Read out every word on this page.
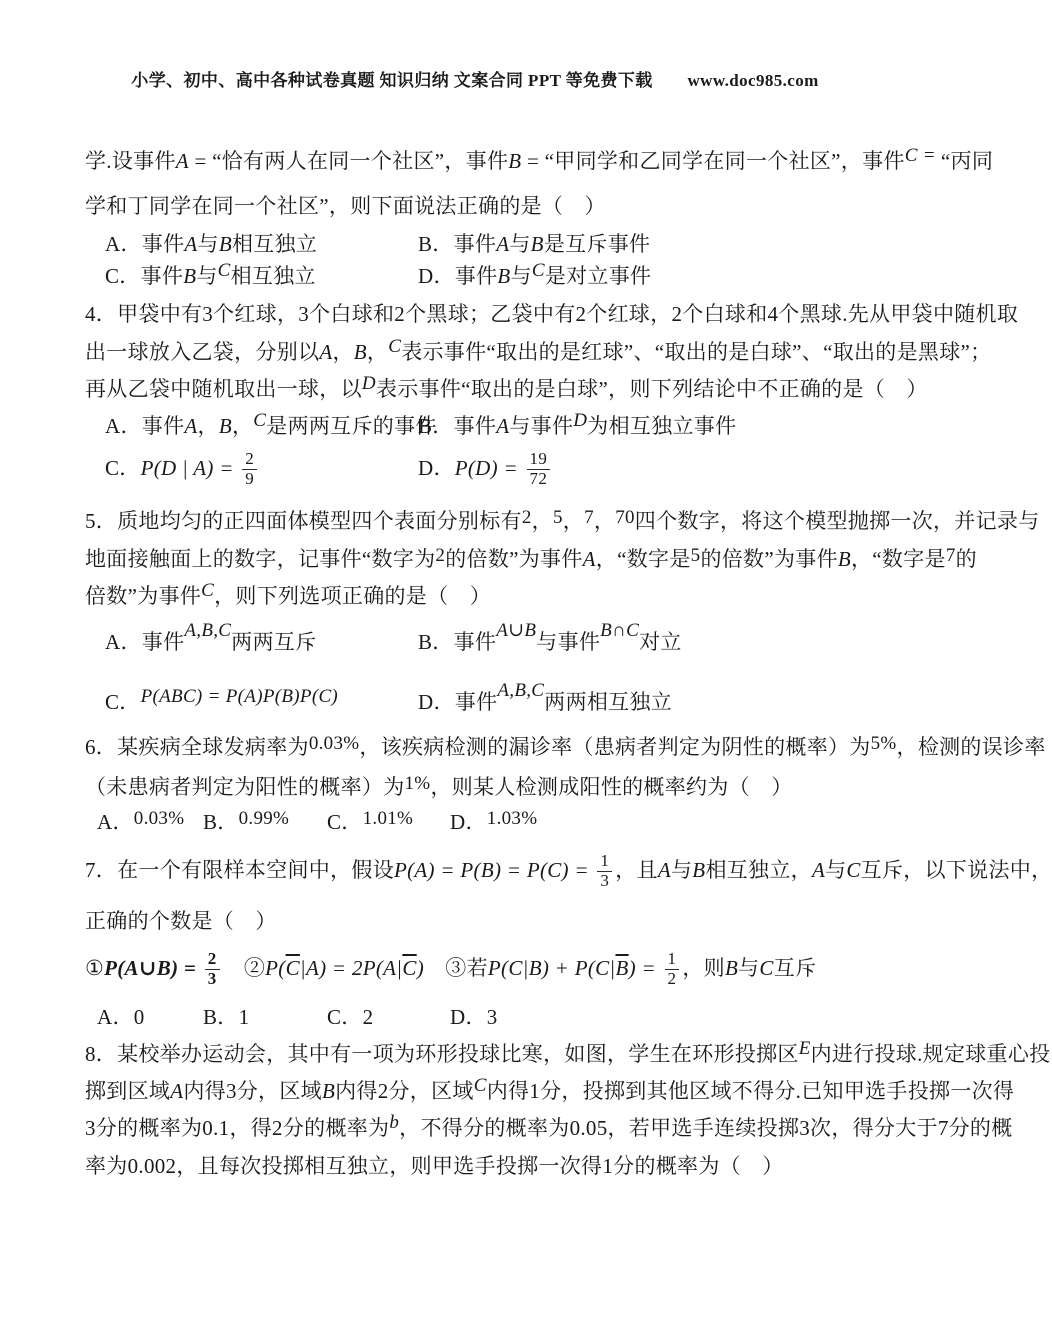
小学、初中、高中各种试卷真题 知识归纳 文案合同 PPT 等免费下载　　www.doc985.com
学.设事件A = “恰有两人在同一个社区”，事件B = “甲同学和乙同学在同一个社区”，事件C = “丙同
学和丁同学在同一个社区”，则下面说法正确的是（　）
A．事件A与B相互独立	B．事件A与B是互斥事件
C．事件B与C相互独立	D．事件B与C是对立事件
4．甲袋中有3个红球，3个白球和2个黑球；乙袋中有2个红球，2个白球和4个黑球.先从甲袋中随机取
出一球放入乙袋，分别以A，B，C表示事件“取出的是红球”、“取出的是白球”、“取出的是黑球”；
再从乙袋中随机取出一球，以D表示事件“取出的是白球”，则下列结论中不正确的是（　）
A．事件A，B，C是两两互斥的事件
B．事件A与事件D为相互独立事件
C．P(D | $A) = \frac{2}{9}$	D．$P(D) = \frac{19}{72}$
5．质地均匀的正四面体模型四个表面分别标有2，5，7，70四个数字，将这个模型抛掷一次，并记录与
地面接触面上的数字，记事件“数字为2的倍数”为事件A，“数字是5的倍数”为事件B，“数字是7的
倍数”为事件C，则下列选项正确的是（　）
A．事件A,B,C两两互斥	B．事件A∪B与事件B∩C对立
C．P(ABC) = P(A)P(B)P(C)	D．事件A,B,C两两相互独立
6．某疾病全球发病率为0.03%，该疾病检测的漏诊率（患病者判定为阴性的概率）为5%，检测的误诊率
（未患病者判定为阳性的概率）为1%，则某人检测成阳性的概率约为（　）
A．0.03% B．0.99% C．1.01% D．1.03%
7．在一个有限样本空间中，假设$P(A) = P(B) = P(C) = \frac{1}{3}$ ，且A与B相互独立，A与C互斥，以下说法中，
正确的个数是（　）
①P(A∪B) = $\frac{2}{3}$ 　$②P(\overline{C}|A) = 2P(A|\overline{C})$　③若$P(C|B) + P(C|\overline{B}) = \frac{1}{2}$ ，则B与C互斥
A．0	B．1	C．2	D．3
8．某校举办运动会，其中有一项为环形投球比寒，如图，学生在环形投掷区E内进行投球.规定球重心投
掷到区域A内得3分，区域B内得2分，区域C内得1分，投掷到其他区域不得分.已知甲选手投掷一次得
3分的概率为0.1，得2分的概率为b，不得分的概率为0.05，若甲选手连续投掷3次，得分大于7分的概
率为0.002，且每次投掷相互独立，则甲选手投掷一次得1分的概率为（　）
